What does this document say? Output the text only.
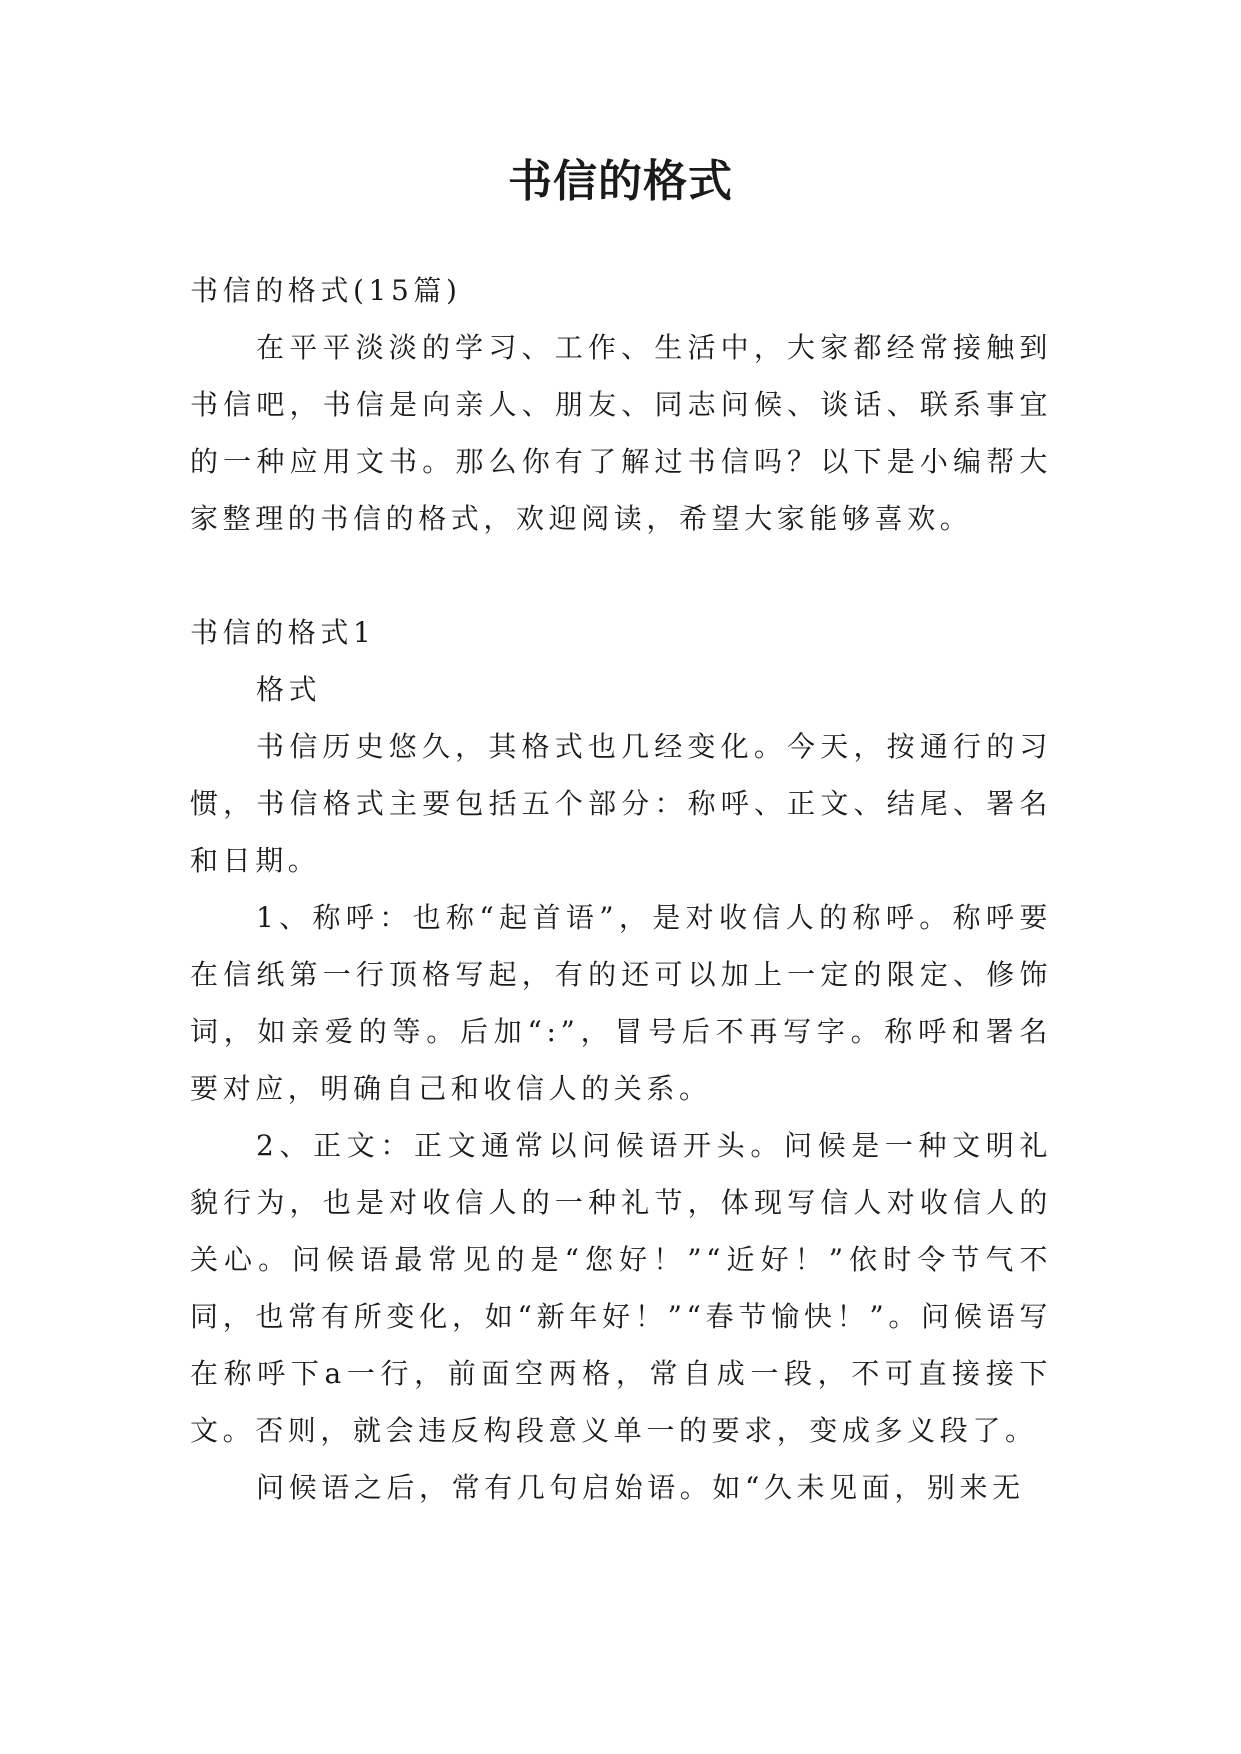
书信的格式

书信的格式(15篇)

在平平淡淡的学习、工作、生活中，大家都经常接触到书信吧，书信是向亲人、朋友、同志问候、谈话、联系事宜的一种应用文书。那么你有了解过书信吗？以下是小编帮大家整理的书信的格式，欢迎阅读，希望大家能够喜欢。

书信的格式1

格式

书信历史悠久，其格式也几经变化。今天，按通行的习惯，书信格式主要包括五个部分：称呼、正文、结尾、署名和日期。

1、称呼：也称“起首语”，是对收信人的称呼。称呼要在信纸第一行顶格写起，有的还可以加上一定的限定、修饰词，如亲爱的等。后加“:”，冒号后不再写字。称呼和署名要对应，明确自己和收信人的关系。

2、正文：正文通常以问候语开头。问候是一种文明礼貌行为，也是对收信人的一种礼节，体现写信人对收信人的关心。问候语最常见的是“您好！”“近好！”依时令节气不同，也常有所变化，如“新年好！”“春节愉快！”。问候语写在称呼下a一行，前面空两格，常自成一段，不可直接接下文。否则，就会违反构段意义单一的要求，变成多义段了。

问候语之后，常有几句启始语。如“久未见面，别来无
